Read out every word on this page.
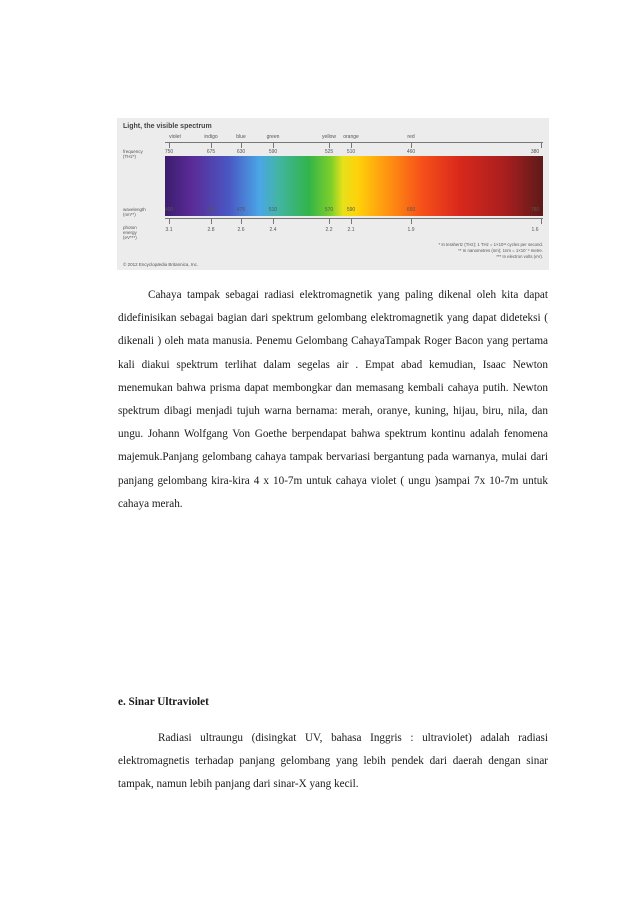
Light, the visible spectrum
violet	indigo	blue	green	yellow orange	red
frequency
(THz*)
750	675	630	590	525	510	460	380
wavelength
(nm**)
400	445	475	510	570	590	650	780
photon
energy
(eV***)
3.1	2.8	2.6	2.4	2.2	2.1	1.9	1.6
* In terahertz (THz); 1 THz = 1×10¹² cycles per second.
** In nanometres (nm); 1nm = 1×10⁻⁹ metre.
*** In electron volts (eV).
© 2012 Encyclopædia Britannica, Inc.

Cahaya tampak sebagai radiasi elektromagnetik yang paling dikenal oleh kita dapat didefinisikan sebagai bagian dari spektrum gelombang elektromagnetik yang dapat dideteksi ( dikenali ) oleh mata manusia. Penemu Gelombang CahayaTampak Roger Bacon yang pertama kali diakui spektrum terlihat dalam segelas air . Empat abad kemudian, Isaac Newton menemukan bahwa prisma dapat membongkar dan memasang kembali cahaya putih. Newton spektrum dibagi menjadi tujuh warna bernama: merah, oranye, kuning, hijau, biru, nila, dan ungu. Johann Wolfgang Von Goethe berpendapat bahwa spektrum kontinu adalah fenomena majemuk.Panjang gelombang cahaya tampak bervariasi bergantung pada warnanya, mulai dari panjang gelombang kira-kira 4 x 10-7m untuk cahaya violet ( ungu )sampai 7x 10-7m untuk cahaya merah.

e. Sinar Ultraviolet

Radiasi ultraungu (disingkat UV, bahasa Inggris : ultraviolet) adalah radiasi elektromagnetis terhadap panjang gelombang yang lebih pendek dari daerah dengan sinar tampak, namun lebih panjang dari sinar-X yang kecil.
